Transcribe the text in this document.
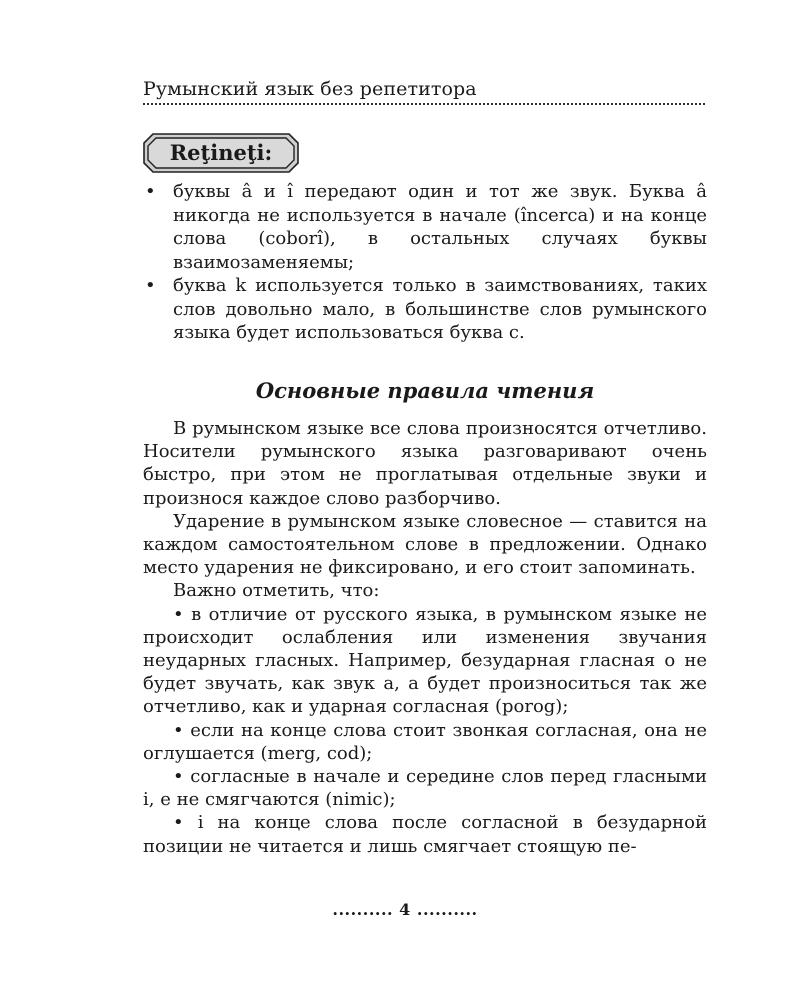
Румынский язык без репетитора
Reţineţi:
• буквы â и î передают один и тот же звук. Буква â никогда не используется в начале (încerca) и на конце слова (coborî), в остальных случаях буквы взаимозаменяемы;
• буква k используется только в заимствованиях, таких слов довольно мало, в большинстве слов румынского языка будет использоваться буква c.
Основные правила чтения

В румынском языке все слова произносятся отчетливо. Носители румынского языка разговаривают очень быстро, при этом не проглатывая отдельные звуки и произнося каждое слово разборчиво.

Ударение в румынском языке словесное — ставится на каждом самостоятельном слове в предложении. Однако место ударения не фиксировано, и его стоит запоминать.

Важно отметить, что:

• в отличие от русского языка, в румынском языке не происходит ослабления или изменения звучания неударных гласных. Например, безударная гласная o не будет звучать, как звук a, а будет произноситься так же отчетливо, как и ударная согласная (porog);

• если на конце слова стоит звонкая согласная, она не оглушается (merg, cod);

• согласные в начале и середине слов перед гласными i, e не смягчаются (nimic);

• i на конце слова после согласной в безударной позиции не читается и лишь смягчает стоящую пе-

.......... 4 ..........
